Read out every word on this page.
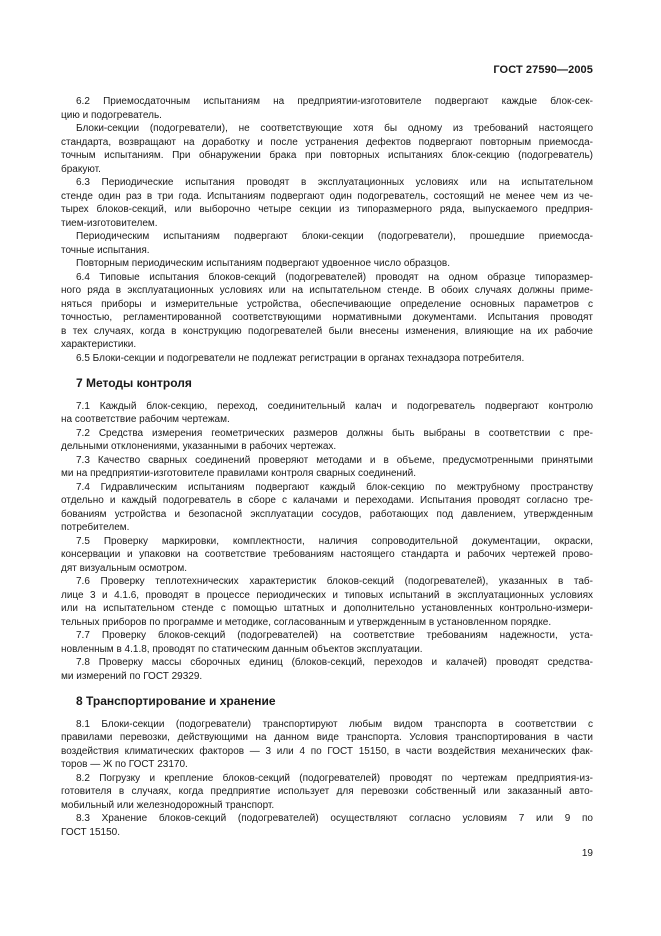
ГОСТ 27590—2005

6.2 Приемосдаточным испытаниям на предприятии-изготовителе подвергают каждые блок-сек-
цию и подогреватель.

Блоки-секции (подогреватели), не соответствующие хотя бы одному из требований настоящего
стандарта, возвращают на доработку и после устранения дефектов подвергают повторным приемосда-
точным испытаниям. При обнаружении брака при повторных испытаниях блок-секцию (подогреватель)
бракуют.

6.3 Периодические испытания проводят в эксплуатационных условиях или на испытательном
стенде один раз в три года. Испытаниям подвергают один подогреватель, состоящий не менее чем из че-
тырех блоков-секций, или выборочно четыре секции из типоразмерного ряда, выпускаемого предприя-
тием-изготовителем.

Периодическим испытаниям подвергают блоки-секции (подогреватели), прошедшие приемосда-
точные испытания.

Повторным периодическим испытаниям подвергают удвоенное число образцов.

6.4 Типовые испытания блоков-секций (подогревателей) проводят на одном образце типоразмер-
ного ряда в эксплуатационных условиях или на испытательном стенде. В обоих случаях должны приме-
няться приборы и измерительные устройства, обеспечивающие определение основных параметров с
точностью, регламентированной соответствующими нормативными документами. Испытания проводят
в тех случаях, когда в конструкцию подогревателей были внесены изменения, влияющие на их рабочие
характеристики.

6.5 Блоки-секции и подогреватели не подлежат регистрации в органах технадзора потребителя.

7 Методы контроля

7.1 Каждый блок-секцию, переход, соединительный калач и подогреватель подвергают контролю
на соответствие рабочим чертежам.

7.2 Средства измерения геометрических размеров должны быть выбраны в соответствии с пре-
дельными отклонениями, указанными в рабочих чертежах.

7.3 Качество сварных соединений проверяют методами и в объеме, предусмотренными принятыми
ми на предприятии-изготовителе правилами контроля сварных соединений.

7.4 Гидравлическим испытаниям подвергают каждый блок-секцию по межтрубному пространству
отдельно и каждый подогреватель в сборе с калачами и переходами. Испытания проводят согласно тре-
бованиям устройства и безопасной эксплуатации сосудов, работающих под давлением, утвержденным
потребителем.

7.5 Проверку маркировки, комплектности, наличия сопроводительной документации, окраски,
консервации и упаковки на соответствие требованиям настоящего стандарта и рабочих чертежей прово-
дят визуальным осмотром.

7.6 Проверку теплотехнических характеристик блоков-секций (подогревателей), указанных в таб-
лице 3 и 4.1.6, проводят в процессе периодических и типовых испытаний в эксплуатационных условиях
или на испытательном стенде с помощью штатных и дополнительно установленных контрольно-измери-
тельных приборов по программе и методике, согласованным и утвержденным в установленном порядке.

7.7 Проверку блоков-секций (подогревателей) на соответствие требованиям надежности, уста-
новленным в 4.1.8, проводят по статическим данным объектов эксплуатации.

7.8 Проверку массы сборочных единиц (блоков-секций, переходов и калачей) проводят средства-
ми измерений по ГОСТ 29329.

8 Транспортирование и хранение

8.1 Блоки-секции (подогреватели) транспортируют любым видом транспорта в соответствии с
правилами перевозки, действующими на данном виде транспорта. Условия транспортирования в части
воздействия климатических факторов — 3 или 4 по ГОСТ 15150, в части воздействия механических фак-
торов — Ж по ГОСТ 23170.

8.2 Погрузку и крепление блоков-секций (подогревателей) проводят по чертежам предприятия-из-
готовителя в случаях, когда предприятие использует для перевозки собственный или заказанный авто-
мобильный или железнодорожный транспорт.

8.3 Хранение блоков-секций (подогревателей) осуществляют согласно условиям 7 или 9 по
ГОСТ 15150.

19
